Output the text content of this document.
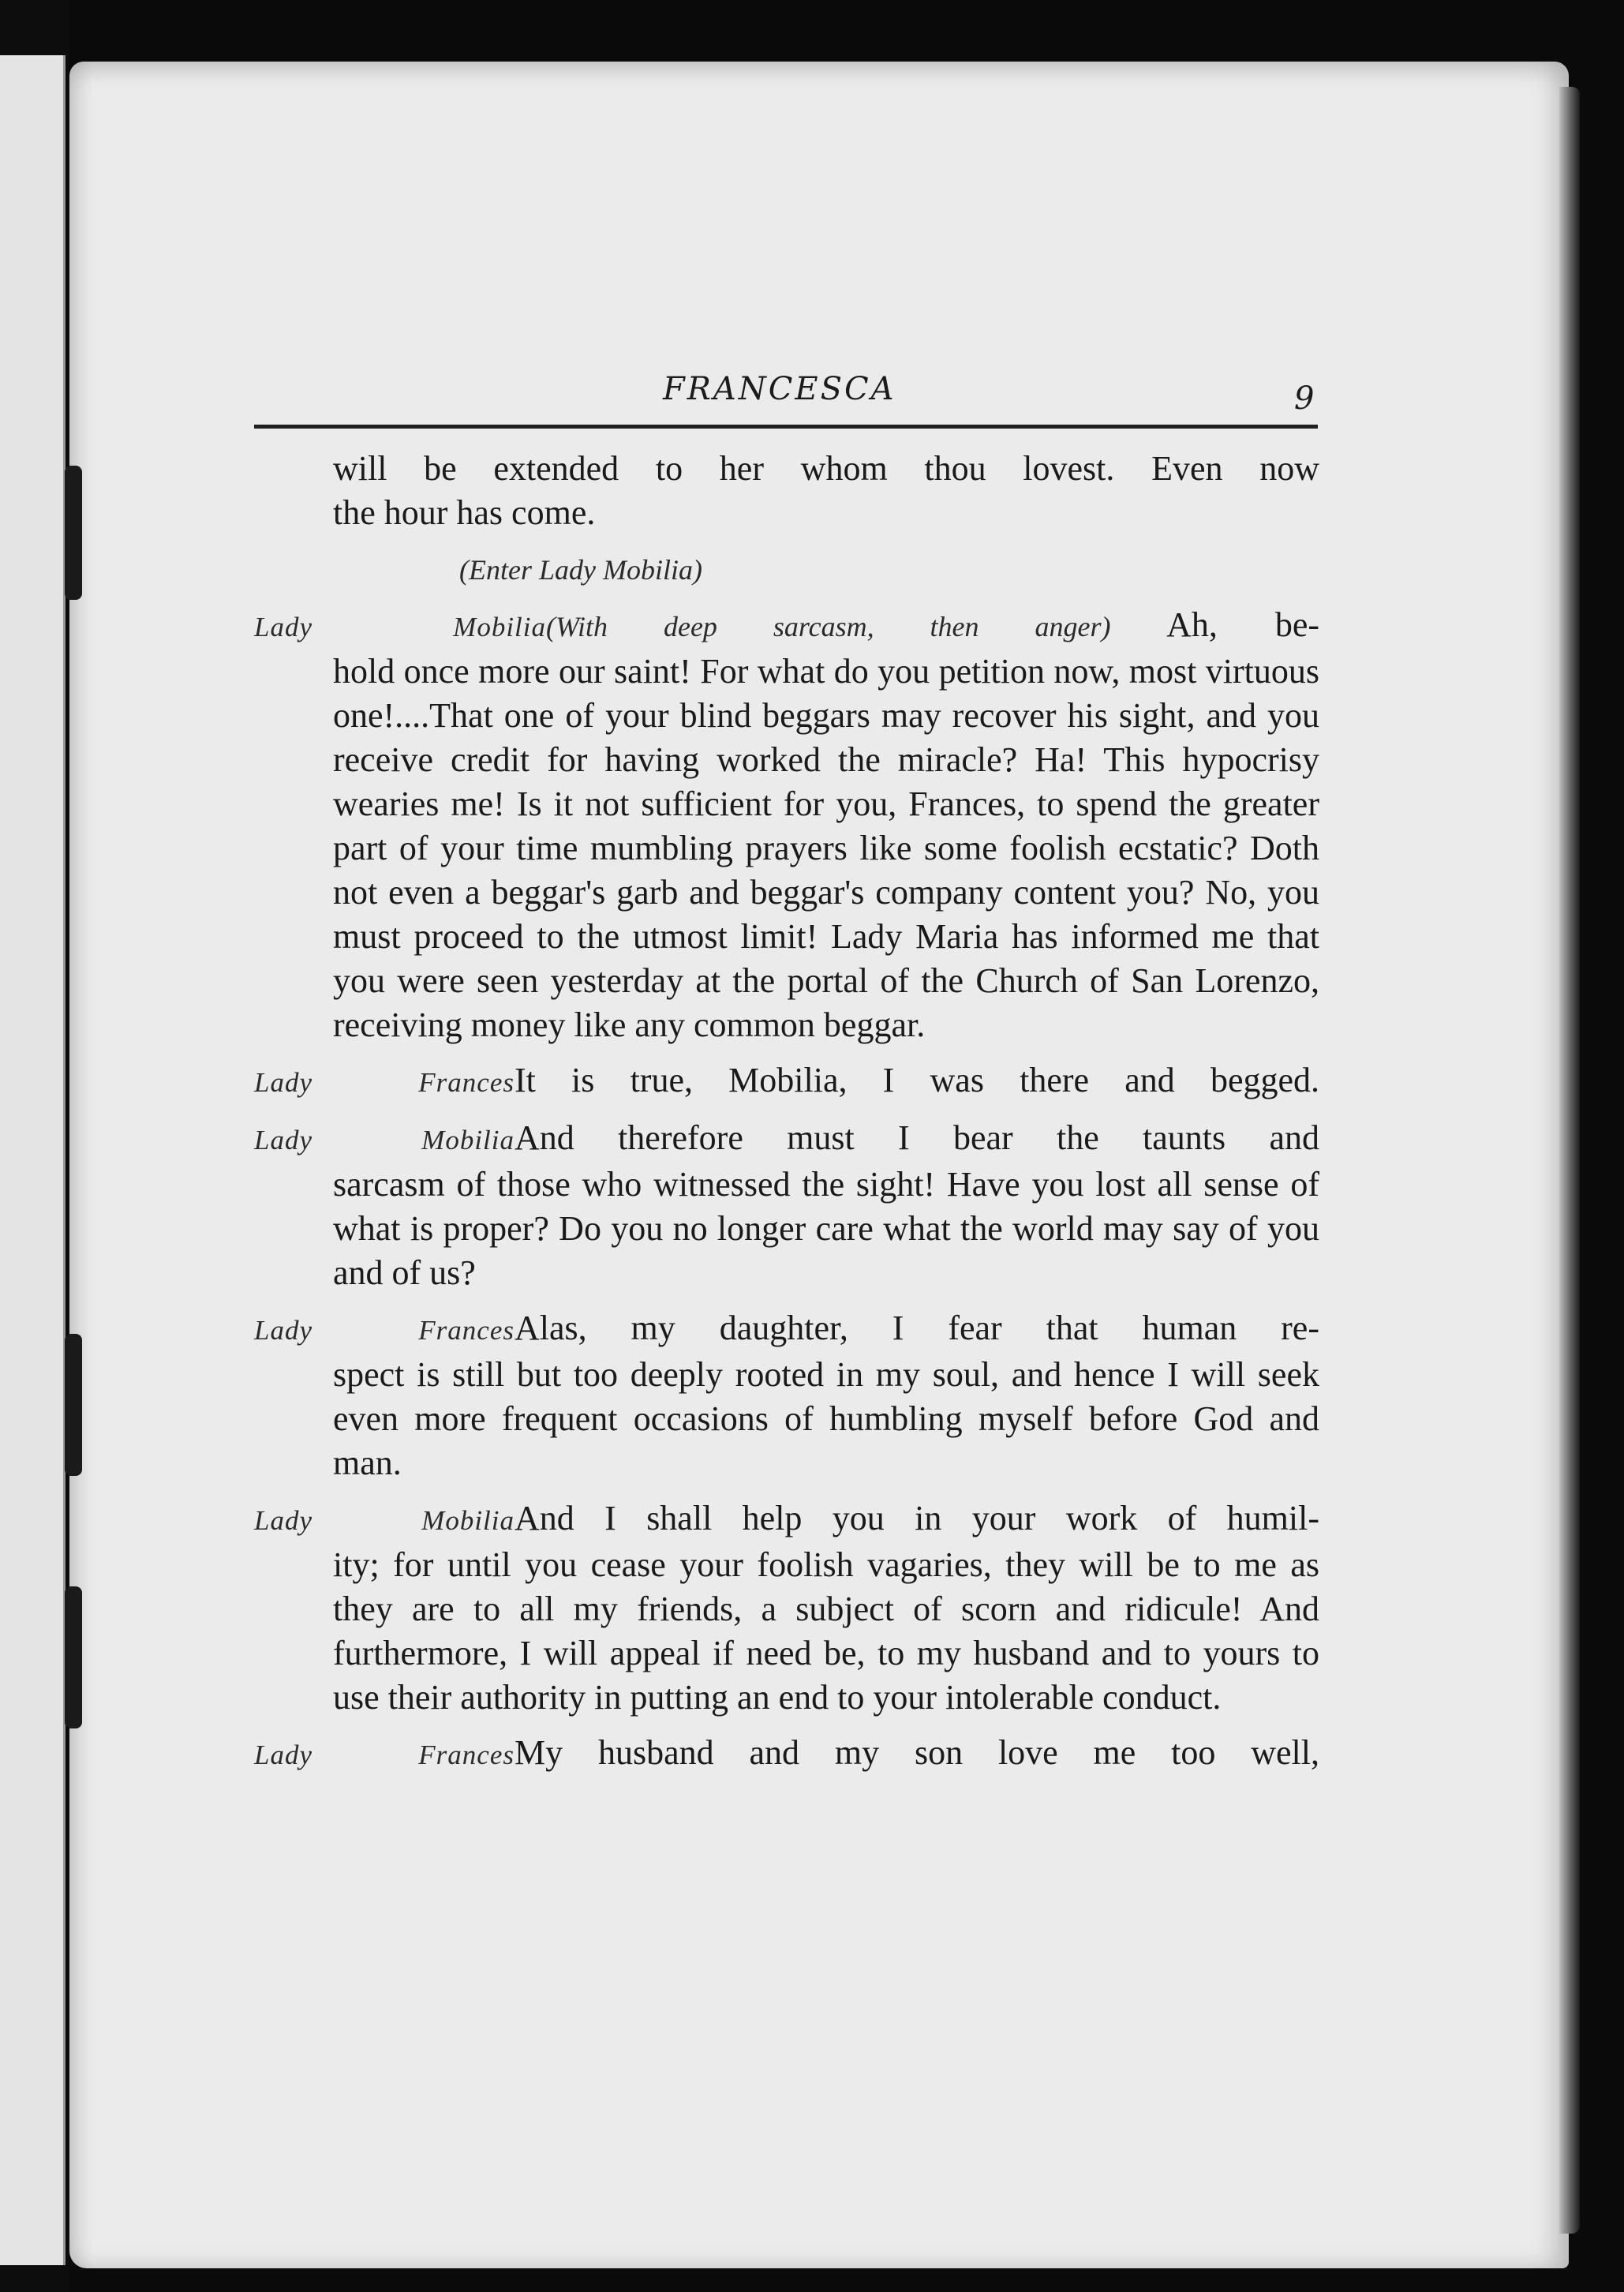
FRANCESCA	9

will be extended to her whom thou lovest. Even now

the hour has come.

(Enter Lady Mobilia)

Lady Mobilia(With deep sarcasm, then anger) Ah, be-

hold once more our saint! For what do you petition now, most virtuous one!....That one of your blind beggars may recover his sight, and you receive credit for having worked the miracle? Ha! This hypocrisy wearies me! Is it not sufficient for you, Frances, to spend the greater part of your time mumbling prayers like some foolish ecstatic? Doth not even a beggar's garb and beggar's company content you? No, you must proceed to the utmost limit! Lady Maria has informed me that you were seen yesterday at the portal of the Church of San Lorenzo, receiving money like any common beggar.

Lady FrancesIt is true, Mobilia, I was there and begged.

Lady MobiliaAnd therefore must I bear the taunts and

sarcasm of those who witnessed the sight! Have you lost all sense of what is proper? Do you no longer care what the world may say of you and of us?

Lady FrancesAlas, my daughter, I fear that human re-

spect is still but too deeply rooted in my soul, and hence I will seek even more frequent occasions of humbling myself before God and man.

Lady MobiliaAnd I shall help you in your work of humil-

ity; for until you cease your foolish vagaries, they will be to me as they are to all my friends, a subject of scorn and ridicule! And furthermore, I will appeal if need be, to my husband and to yours to use their authority in putting an end to your intolerable conduct.

Lady FrancesMy husband and my son love me too well,
